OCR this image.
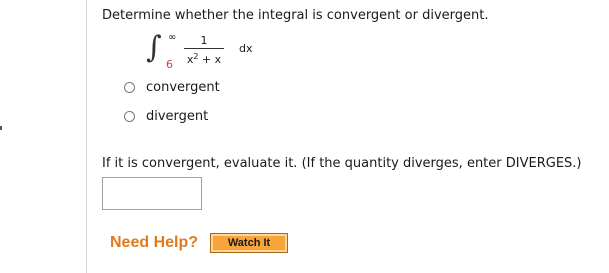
Determine whether the integral is convergent or divergent.
∫ ∞
6
1
$x^2 + x$
dx
convergent
divergent
If it is convergent, evaluate it. (If the quantity diverges, enter DIVERGES.)
Need Help?	Watch It
